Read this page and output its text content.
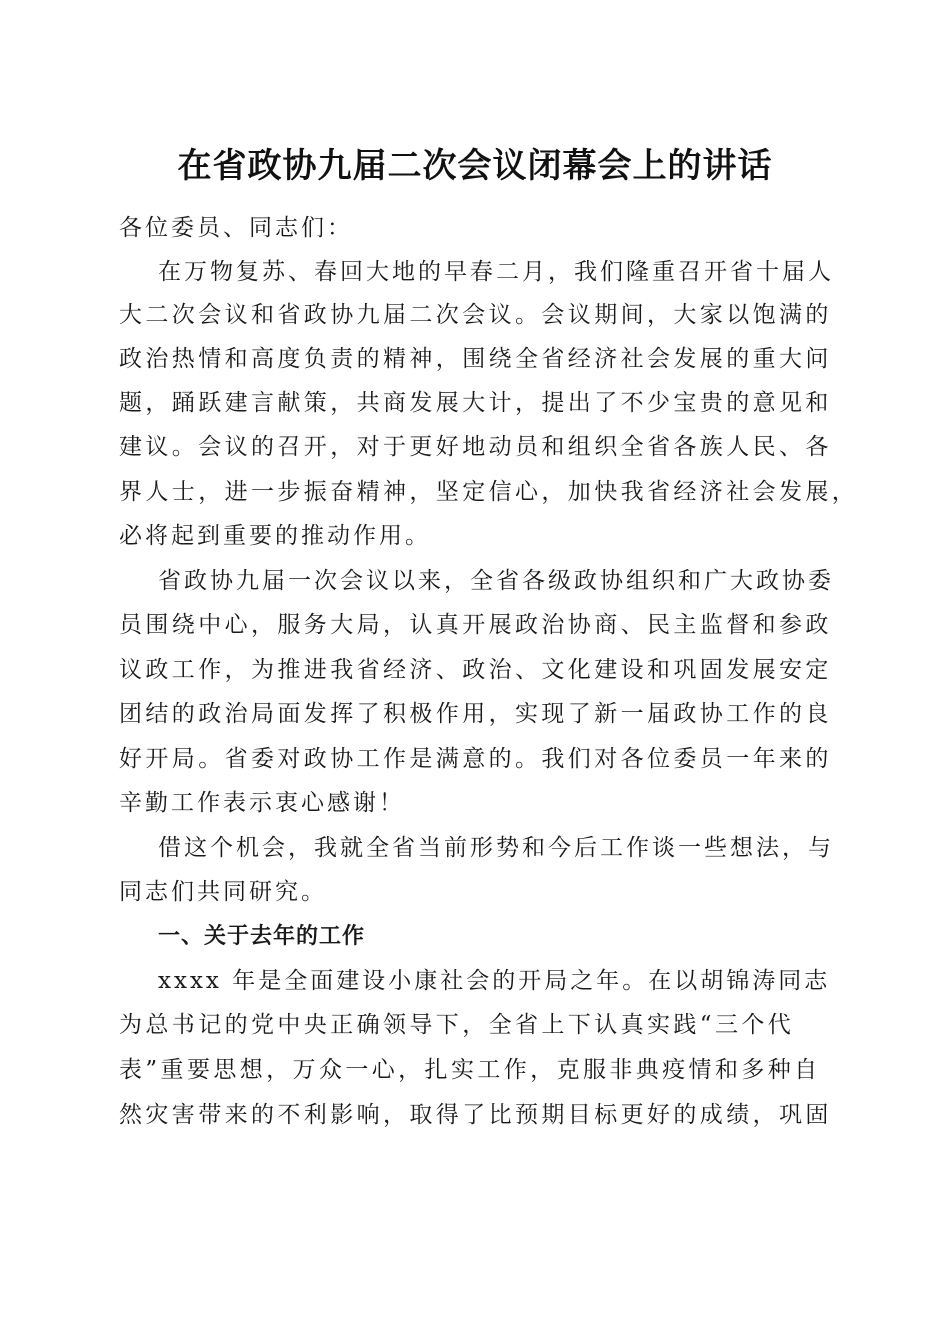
在省政协九届二次会议闭幕会上的讲话
各位委员、同志们：
在万物复苏、春回大地的早春二月，我们隆重召开省十届人
大二次会议和省政协九届二次会议。会议期间，大家以饱满的
政治热情和高度负责的精神，围绕全省经济社会发展的重大问
题，踊跃建言献策，共商发展大计，提出了不少宝贵的意见和
建议。会议的召开，对于更好地动员和组织全省各族人民、各
界人士，进一步振奋精神，坚定信心，加快我省经济社会发展，
必将起到重要的推动作用。
省政协九届一次会议以来，全省各级政协组织和广大政协委
员围绕中心，服务大局，认真开展政治协商、民主监督和参政
议政工作，为推进我省经济、政治、文化建设和巩固发展安定
团结的政治局面发挥了积极作用，实现了新一届政协工作的良
好开局。省委对政协工作是满意的。我们对各位委员一年来的
辛勤工作表示衷心感谢！
借这个机会，我就全省当前形势和今后工作谈一些想法，与
同志们共同研究。
一、关于去年的工作
xxxx 年是全面建设小康社会的开局之年。在以胡锦涛同志
为总书记的党中央正确领导下，全省上下认真实践“三个代
表”重要思想，万众一心，扎实工作，克服非典疫情和多种自
然灾害带来的不利影响，取得了比预期目标更好的成绩，巩固
